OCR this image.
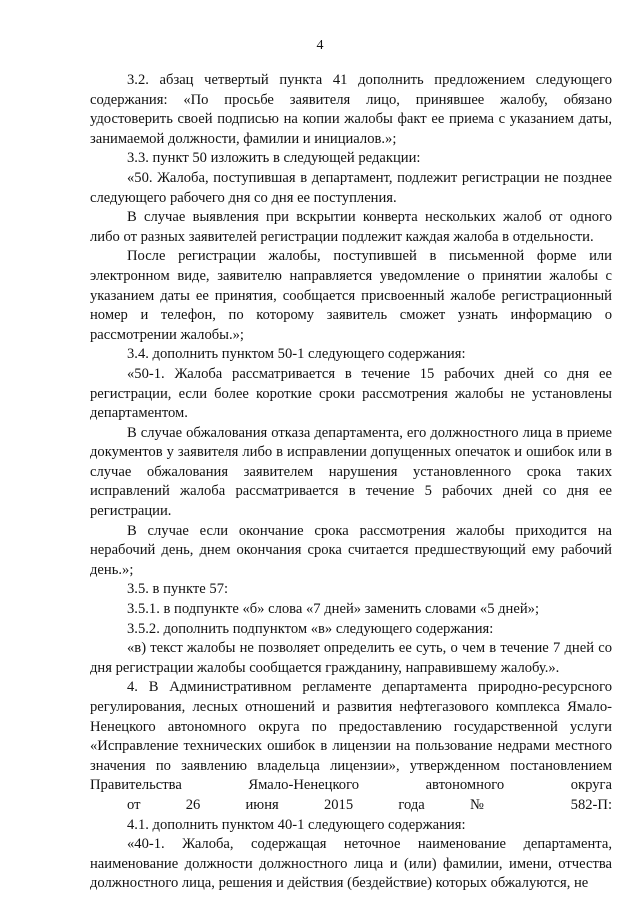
4

3.2. абзац четвертый пункта 41 дополнить предложением следующего содержания: «По просьбе заявителя лицо, принявшее жалобу, обязано удостоверить своей подписью на копии жалобы факт ее приема с указанием даты, занимаемой должности, фамилии и инициалов.»;

3.3. пункт 50 изложить в следующей редакции:

«50. Жалоба, поступившая в департамент, подлежит регистрации не позднее следующего рабочего дня со дня ее поступления.

В случае выявления при вскрытии конверта нескольких жалоб от одного либо от разных заявителей регистрации подлежит каждая жалоба в отдельности.

После регистрации жалобы, поступившей в письменной форме или электронном виде, заявителю направляется уведомление о принятии жалобы с указанием даты ее принятия, сообщается присвоенный жалобе регистрационный номер и телефон, по которому заявитель сможет узнать информацию о рассмотрении жалобы.»;

3.4. дополнить пунктом 50-1 следующего содержания:

«50-1. Жалоба рассматривается в течение 15 рабочих дней со дня ее регистрации, если более короткие сроки рассмотрения жалобы не установлены департаментом.

В случае обжалования отказа департамента, его должностного лица в приеме документов у заявителя либо в исправлении допущенных опечаток и ошибок или в случае обжалования заявителем нарушения установленного срока таких исправлений жалоба рассматривается в течение 5 рабочих дней со дня ее регистрации.

В случае если окончание срока рассмотрения жалобы приходится на нерабочий день, днем окончания срока считается предшествующий ему рабочий день.»;

3.5. в пункте 57:

3.5.1. в подпункте «б» слова «7 дней» заменить словами «5 дней»;

3.5.2. дополнить подпунктом «в» следующего содержания:

«в) текст жалобы не позволяет определить ее суть, о чем в течение 7 дней со дня регистрации жалобы сообщается гражданину, направившему жалобу.».

4. В Административном регламенте департамента природно-ресурсного регулирования, лесных отношений и развития нефтегазового комплекса Ямало-Ненецкого автономного округа по предоставлению государственной услуги «Исправление технических ошибок в лицензии на пользование недрами местного значения по заявлению владельца лицензии», утвержденном постановлением Правительства Ямало-Ненецкого автономного округа

от 26 июня 2015 года № 582-П:

4.1. дополнить пунктом 40-1 следующего содержания:

«40-1. Жалоба, содержащая неточное наименование департамента, наименование должности должностного лица и (или) фамилии, имени, отчества должностного лица, решения и действия (бездействие) которых обжалуются, не
